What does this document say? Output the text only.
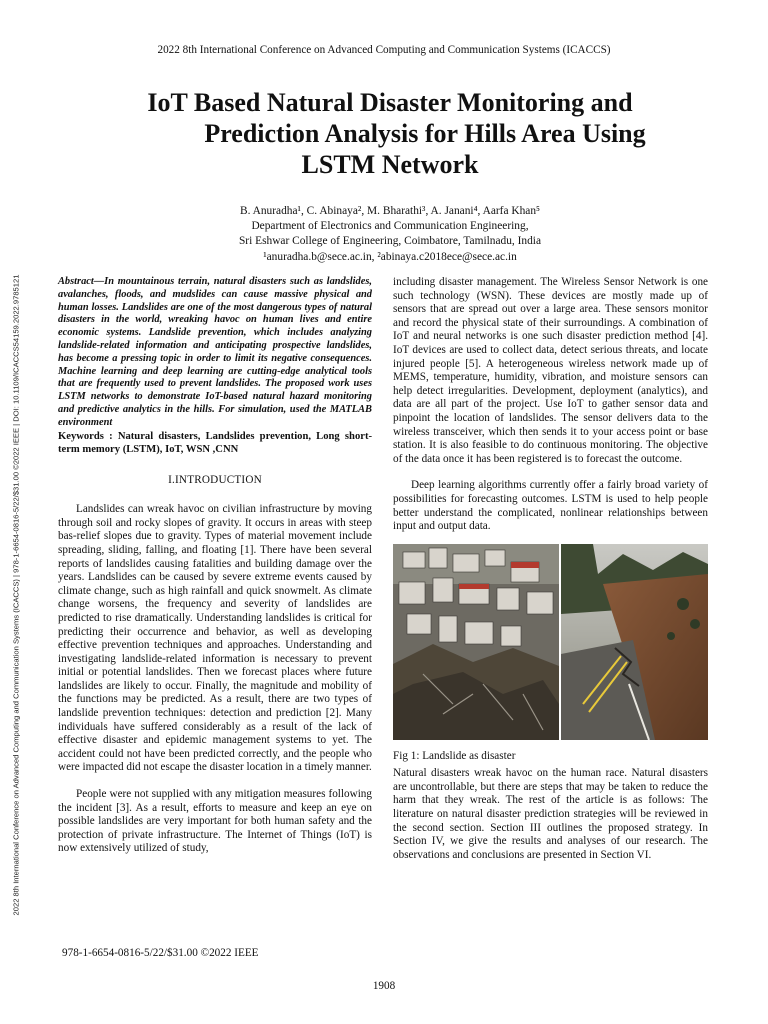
2022 8th International Conference on Advanced Computing and Communication Systems (ICACCS)
IoT Based Natural Disaster Monitoring and
Prediction Analysis for Hills Area Using
LSTM Network
B. Anuradha¹, C. Abinaya², M. Bharathi³, A. Janani⁴, Aarfa Khan⁵
Department of Electronics and Communication Engineering,
Sri Eshwar College of Engineering, Coimbatore, Tamilnadu, India
¹anuradha.b@sece.ac.in, ²abinaya.c2018ece@sece.ac.in
2022 8th International Conference on Advanced Computing and Communication Systems (ICACCS) | 978-1-6654-0816-5/22/$31.00 ©2022 IEEE | DOI: 10.1109/ICACCS54159.2022.9785121	Abstract—In mountainous terrain, natural disasters such as landslides, avalanches, floods, and mudslides can cause massive physical and human losses. Landslides are one of the most dangerous types of natural disasters in the world, wreaking havoc on human lives and entire economic systems. Landslide prevention, which includes analyzing landslide-related information and anticipating prospective landslides, has become a pressing topic in order to limit its negative consequences. Machine learning and deep learning are cutting-edge analytical tools that are frequently used to prevent landslides. The proposed work uses LSTM networks to demonstrate IoT-based natural hazard monitoring and predictive analytics in the hills. For simulation, used the MATLAB environment

Keywords : Natural disasters, Landslides prevention, Long short-term memory (LSTM), IoT, WSN ,CNN

I.INTRODUCTION

Landslides can wreak havoc on civilian infrastructure by moving through soil and rocky slopes of gravity. It occurs in areas with steep bas-relief slopes due to gravity. Types of material movement include spreading, sliding, falling, and floating [1]. There have been several reports of landslides causing fatalities and building damage over the years. Landslides can be caused by severe extreme events caused by climate change, such as high rainfall and quick snowmelt. As climate change worsens, the frequency and severity of landslides are predicted to rise dramatically. Understanding landslides is critical for predicting their occurrence and behavior, as well as developing effective prevention techniques and approaches. Understanding and investigating landslide-related information is necessary to prevent initial or potential landslides. Then we forecast places where future landslides are likely to occur. Finally, the magnitude and mobility of the functions may be predicted. As a result, there are two types of landslide prevention techniques: detection and prediction [2]. Many individuals have suffered considerably as a result of the lack of effective disaster and epidemic management systems to yet. The accident could not have been predicted correctly, and the people who were impacted did not escape the disaster location in a timely manner.

People were not supplied with any mitigation measures following the incident [3]. As a result, efforts to measure and keep an eye on possible landslides are very important for both human safety and the protection of private infrastructure. The Internet of Things (IoT) is now extensively utilized of study,

including disaster management. The Wireless Sensor Network is one such technology (WSN). These devices are mostly made up of sensors that are spread out over a large area. These sensors monitor and record the physical state of their surroundings. A combination of IoT and neural networks is one such disaster prediction method [4]. IoT devices are used to collect data, detect serious threats, and locate injured people [5]. A heterogeneous wireless network made up of MEMS, temperature, humidity, vibration, and moisture sensors can help detect irregularities. Development, deployment (analytics), and data are all part of the project. Use IoT to gather sensor data and pinpoint the location of landslides. The sensor delivers data to the wireless transceiver, which then sends it to your access point or base station. It is also feasible to do continuous monitoring. The objective of the data once it has been registered is to forecast the outcome.

Deep learning algorithms currently offer a fairly broad variety of possibilities for forecasting outcomes. LSTM is used to help people better understand the complicated, nonlinear relationships between input and output data.

Fig 1: Landslide as disaster

Natural disasters wreak havoc on the human race. Natural disasters are uncontrollable, but there are steps that may be taken to reduce the harm that they wreak. The rest of the article is as follows: The literature on natural disaster prediction strategies will be reviewed in the second section. Section III outlines the proposed strategy. In Section IV, we give the results and analyses of our research. The observations and conclusions are presented in Section VI.

978-1-6654-0816-5/22/$31.00 ©2022 IEEE
1908
